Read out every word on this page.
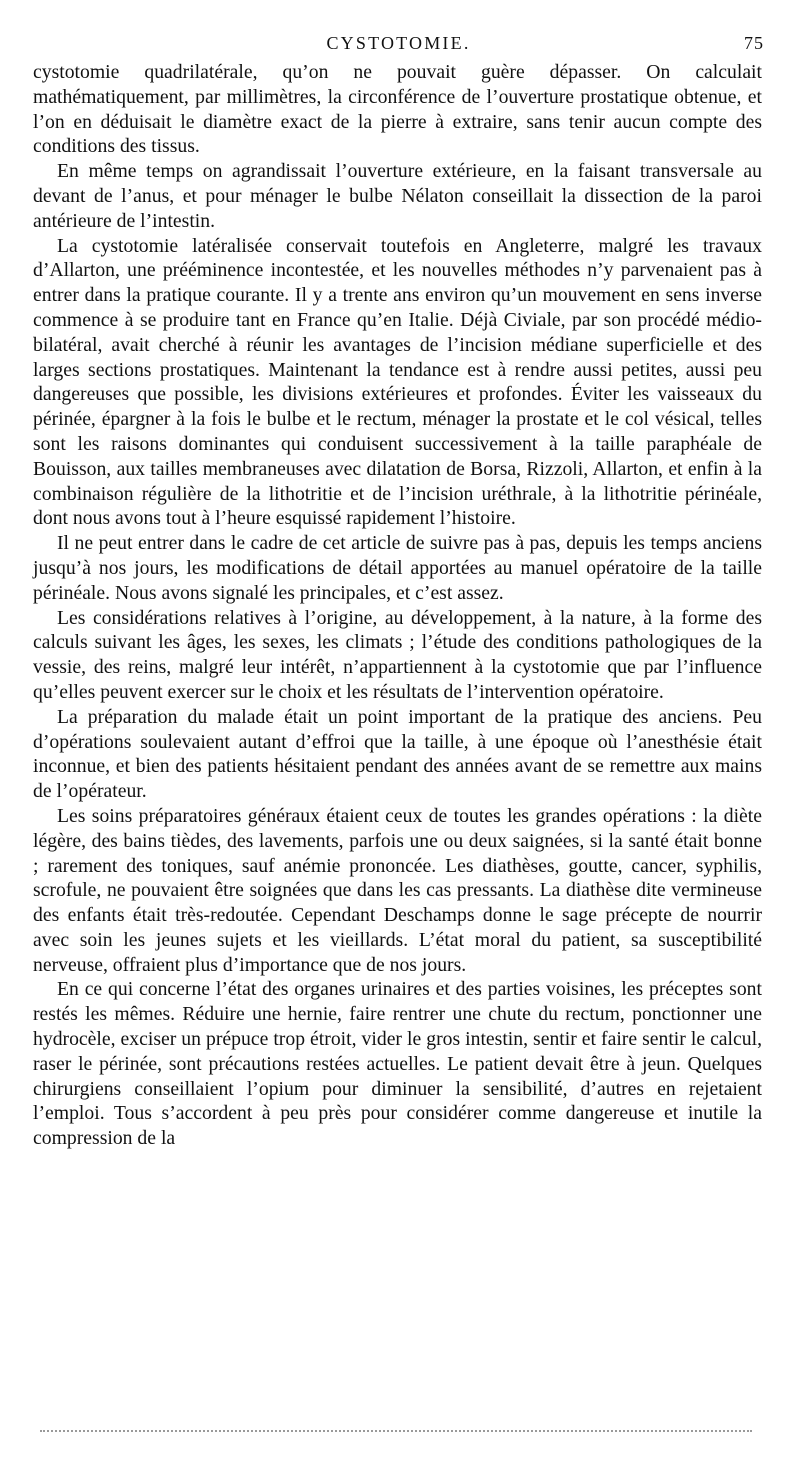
CYSTOTOMIE.	75

cystotomie quadrilatérale, qu’on ne pouvait guère dépasser. On calculait mathématiquement, par millimètres, la circonférence de l’ouverture prostatique obtenue, et l’on en déduisait le diamètre exact de la pierre à extraire, sans tenir aucun compte des conditions des tissus.

En même temps on agrandissait l’ouverture extérieure, en la faisant transversale au devant de l’anus, et pour ménager le bulbe Nélaton conseillait la dissection de la paroi antérieure de l’intestin.

La cystotomie latéralisée conservait toutefois en Angleterre, malgré les travaux d’Allarton, une prééminence incontestée, et les nouvelles méthodes n’y parvenaient pas à entrer dans la pratique courante. Il y a trente ans environ qu’un mouvement en sens inverse commence à se produire tant en France qu’en Italie. Déjà Civiale, par son procédé médio-bilatéral, avait cherché à réunir les avantages de l’incision médiane superficielle et des larges sections prostatiques. Maintenant la tendance est à rendre aussi petites, aussi peu dangereuses que possible, les divisions extérieures et profondes. Éviter les vaisseaux du périnée, épargner à la fois le bulbe et le rectum, ménager la prostate et le col vésical, telles sont les raisons dominantes qui conduisent successivement à la taille paraphéale de Bouisson, aux tailles membraneuses avec dilatation de Borsa, Rizzoli, Allarton, et enfin à la combinaison régulière de la lithotritie et de l’incision uréthrale, à la lithotritie périnéale, dont nous avons tout à l’heure esquissé rapidement l’histoire.

Il ne peut entrer dans le cadre de cet article de suivre pas à pas, depuis les temps anciens jusqu’à nos jours, les modifications de détail apportées au manuel opératoire de la taille périnéale. Nous avons signalé les principales, et c’est assez.

Les considérations relatives à l’origine, au développement, à la nature, à la forme des calculs suivant les âges, les sexes, les climats ; l’étude des conditions pathologiques de la vessie, des reins, malgré leur intérêt, n’appartiennent à la cystotomie que par l’influence qu’elles peuvent exercer sur le choix et les résultats de l’intervention opératoire.

La préparation du malade était un point important de la pratique des anciens. Peu d’opérations soulevaient autant d’effroi que la taille, à une époque où l’anesthésie était inconnue, et bien des patients hésitaient pendant des années avant de se remettre aux mains de l’opérateur.

Les soins préparatoires généraux étaient ceux de toutes les grandes opérations : la diète légère, des bains tièdes, des lavements, parfois une ou deux saignées, si la santé était bonne ; rarement des toniques, sauf anémie prononcée. Les diathèses, goutte, cancer, syphilis, scrofule, ne pouvaient être soignées que dans les cas pressants. La diathèse dite vermineuse des enfants était très-redoutée. Cependant Deschamps donne le sage précepte de nourrir avec soin les jeunes sujets et les vieillards. L’état moral du patient, sa susceptibilité nerveuse, offraient plus d’importance que de nos jours.

En ce qui concerne l’état des organes urinaires et des parties voisines, les préceptes sont restés les mêmes. Réduire une hernie, faire rentrer une chute du rectum, ponctionner une hydrocèle, exciser un prépuce trop étroit, vider le gros intestin, sentir et faire sentir le calcul, raser le périnée, sont précautions restées actuelles. Le patient devait être à jeun. Quelques chirurgiens conseillaient l’opium pour diminuer la sensibilité, d’autres en rejetaient l’emploi. Tous s’accordent à peu près pour considérer comme dangereuse et inutile la compression de la
